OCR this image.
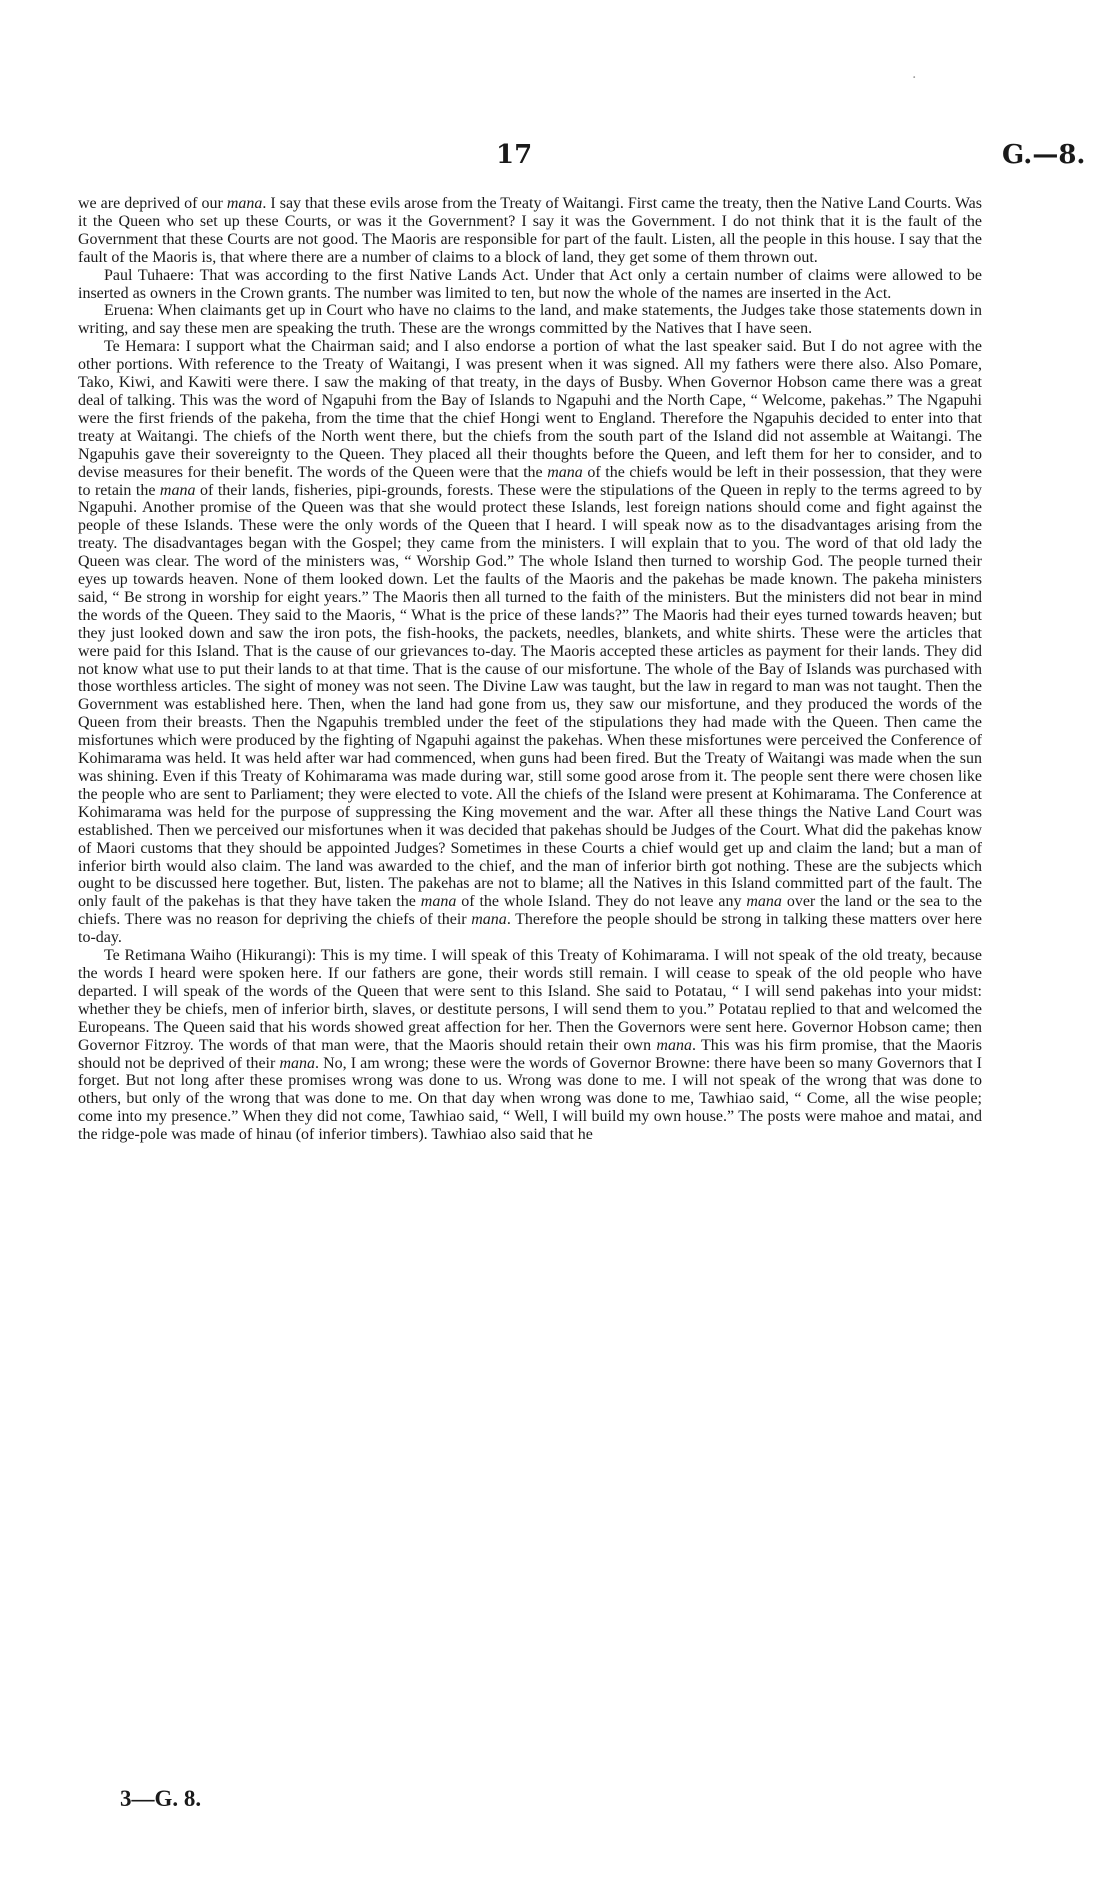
·
17	G.—8.

we are deprived of our mana. I say that these evils arose from the Treaty of Waitangi. First came the treaty, then the Native Land Courts. Was it the Queen who set up these Courts, or was it the Government? I say it was the Government. I do not think that it is the fault of the Government that these Courts are not good. The Maoris are responsible for part of the fault. Listen, all the people in this house. I say that the fault of the Maoris is, that where there are a number of claims to a block of land, they get some of them thrown out.

Paul Tuhaere: That was according to the first Native Lands Act. Under that Act only a certain number of claims were allowed to be inserted as owners in the Crown grants. The number was limited to ten, but now the whole of the names are inserted in the Act.

Eruena: When claimants get up in Court who have no claims to the land, and make statements, the Judges take those statements down in writing, and say these men are speaking the truth. These are the wrongs committed by the Natives that I have seen.

Te Hemara: I support what the Chairman said; and I also endorse a portion of what the last speaker said. But I do not agree with the other portions. With reference to the Treaty of Waitangi, I was present when it was signed. All my fathers were there also. Also Pomare, Tako, Kiwi, and Kawiti were there. I saw the making of that treaty, in the days of Busby. When Governor Hobson came there was a great deal of talking. This was the word of Ngapuhi from the Bay of Islands to Ngapuhi and the North Cape, “ Welcome, pakehas.” The Ngapuhi were the first friends of the pakeha, from the time that the chief Hongi went to England. Therefore the Ngapuhis decided to enter into that treaty at Waitangi. The chiefs of the North went there, but the chiefs from the south part of the Island did not assemble at Waitangi. The Ngapuhis gave their sovereignty to the Queen. They placed all their thoughts before the Queen, and left them for her to consider, and to devise measures for their benefit. The words of the Queen were that the mana of the chiefs would be left in their possession, that they were to retain the mana of their lands, fisheries, pipi-grounds, forests. These were the stipulations of the Queen in reply to the terms agreed to by Ngapuhi. Another promise of the Queen was that she would protect these Islands, lest foreign nations should come and fight against the people of these Islands. These were the only words of the Queen that I heard. I will speak now as to the disadvantages arising from the treaty. The disadvantages began with the Gospel; they came from the ministers. I will explain that to you. The word of that old lady the Queen was clear. The word of the ministers was, “ Worship God.” The whole Island then turned to worship God. The people turned their eyes up towards heaven. None of them looked down. Let the faults of the Maoris and the pakehas be made known. The pakeha ministers said, “ Be strong in worship for eight years.” The Maoris then all turned to the faith of the ministers. But the ministers did not bear in mind the words of the Queen. They said to the Maoris, “ What is the price of these lands?” The Maoris had their eyes turned towards heaven; but they just looked down and saw the iron pots, the fish-hooks, the packets, needles, blankets, and white shirts. These were the articles that were paid for this Island. That is the cause of our grievances to-day. The Maoris accepted these articles as payment for their lands. They did not know what use to put their lands to at that time. That is the cause of our misfortune. The whole of the Bay of Islands was purchased with those worthless articles. The sight of money was not seen. The Divine Law was taught, but the law in regard to man was not taught. Then the Government was established here. Then, when the land had gone from us, they saw our misfortune, and they produced the words of the Queen from their breasts. Then the Ngapuhis trembled under the feet of the stipulations they had made with the Queen. Then came the misfortunes which were produced by the fighting of Ngapuhi against the pakehas. When these misfortunes were perceived the Conference of Kohimarama was held. It was held after war had commenced, when guns had been fired. But the Treaty of Waitangi was made when the sun was shining. Even if this Treaty of Kohimarama was made during war, still some good arose from it. The people sent there were chosen like the people who are sent to Parliament; they were elected to vote. All the chiefs of the Island were present at Kohimarama. The Conference at Kohimarama was held for the purpose of suppressing the King movement and the war. After all these things the Native Land Court was established. Then we perceived our misfortunes when it was decided that pakehas should be Judges of the Court. What did the pakehas know of Maori customs that they should be appointed Judges? Sometimes in these Courts a chief would get up and claim the land; but a man of inferior birth would also claim. The land was awarded to the chief, and the man of inferior birth got nothing. These are the subjects which ought to be discussed here together. But, listen. The pakehas are not to blame; all the Natives in this Island committed part of the fault. The only fault of the pakehas is that they have taken the mana of the whole Island. They do not leave any mana over the land or the sea to the chiefs. There was no reason for depriving the chiefs of their mana. Therefore the people should be strong in talking these matters over here to-day.

Te Retimana Waiho (Hikurangi): This is my time. I will speak of this Treaty of Kohimarama. I will not speak of the old treaty, because the words I heard were spoken here. If our fathers are gone, their words still remain. I will cease to speak of the old people who have departed. I will speak of the words of the Queen that were sent to this Island. She said to Potatau, “ I will send pakehas into your midst: whether they be chiefs, men of inferior birth, slaves, or destitute persons, I will send them to you.” Potatau replied to that and welcomed the Europeans. The Queen said that his words showed great affection for her. Then the Governors were sent here. Governor Hobson came; then Governor Fitzroy. The words of that man were, that the Maoris should retain their own mana. This was his firm promise, that the Maoris should not be deprived of their mana. No, I am wrong; these were the words of Governor Browne: there have been so many Governors that I forget. But not long after these promises wrong was done to us. Wrong was done to me. I will not speak of the wrong that was done to others, but only of the wrong that was done to me. On that day when wrong was done to me, Tawhiao said, “ Come, all the wise people; come into my presence.” When they did not come, Tawhiao said, “ Well, I will build my own house.” The posts were mahoe and matai, and the ridge-pole was made of hinau (of inferior timbers). Tawhiao also said that he

3—G. 8.
